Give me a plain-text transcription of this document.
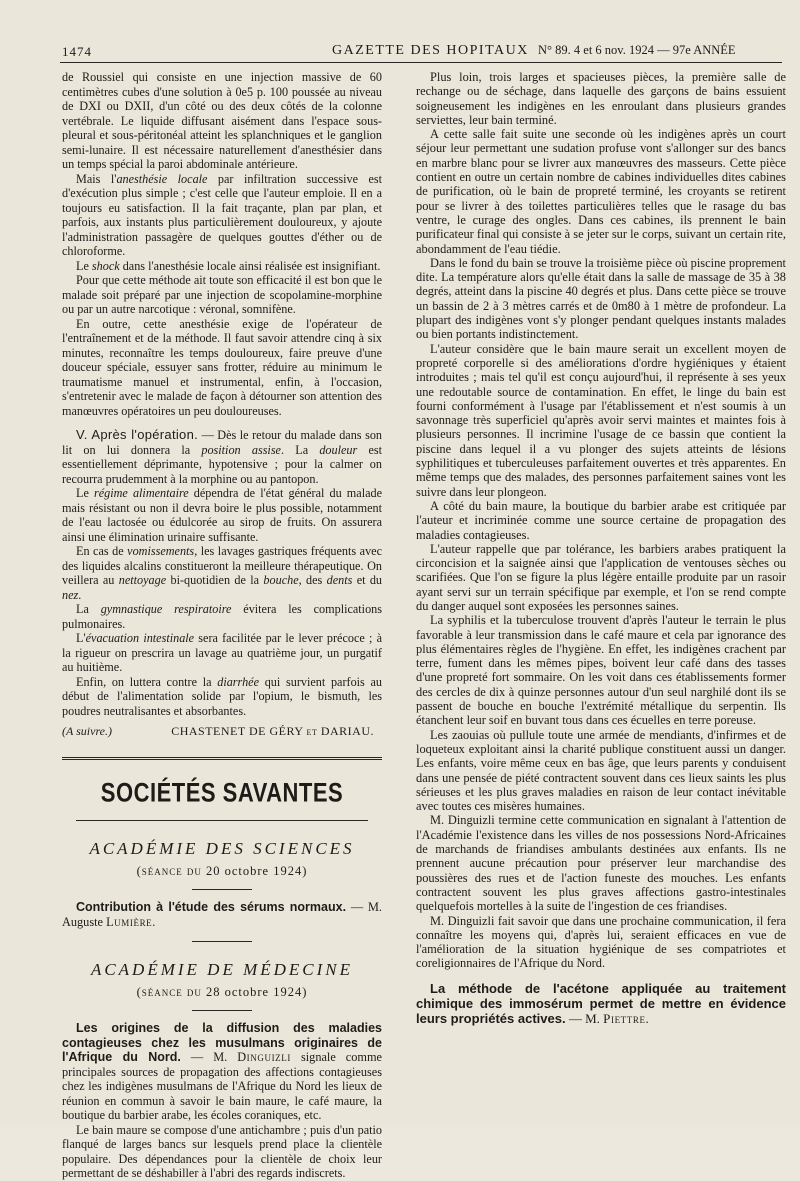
1474	GAZETTE DES HOPITAUX N° 89. 4 et 6 nov. 1924 — 97e ANNÉE

de Roussiel qui consiste en une injection massive de 60 centimètres cubes d'une solution à 0e5 p. 100 poussée au niveau de DXI ou DXII, d'un côté ou des deux côtés de la colonne vertébrale. Le liquide diffusant aisément dans l'espace sous-pleural et sous-péritonéal atteint les splanchniques et le ganglion semi-lunaire. Il est nécessaire naturellement d'anesthésier dans un temps spécial la paroi abdominale antérieure.

Mais l'anesthésie locale par infiltration successive est d'exécution plus simple ; c'est celle que l'auteur emploie. Il en a toujours eu satisfaction. Il la fait traçante, plan par plan, et parfois, aux instants plus particulièrement douloureux, y ajoute l'administration passagère de quelques gouttes d'éther ou de chloroforme.

Le shock dans l'anesthésie locale ainsi réalisée est insignifiant.

Pour que cette méthode ait toute son efficacité il est bon que le malade soit préparé par une injection de scopolamine-morphine ou par un autre narcotique : véronal, somnifène.

En outre, cette anesthésie exige de l'opérateur de l'entraînement et de la méthode. Il faut savoir attendre cinq à six minutes, reconnaître les temps douloureux, faire preuve d'une douceur spéciale, essuyer sans frotter, réduire au minimum le traumatisme manuel et instrumental, enfin, à l'occasion, s'entretenir avec le malade de façon à détourner son attention des manœuvres opératoires un peu douloureuses.

V. Après l'opération. — Dès le retour du malade dans son lit on lui donnera la position assise. La douleur est essentiellement déprimante, hypotensive ; pour la calmer on recourra prudemment à la morphine ou au pantopon.

Le régime alimentaire dépendra de l'état général du malade mais résistant ou non il devra boire le plus possible, notamment de l'eau lactosée ou édulcorée au sirop de fruits. On assurera ainsi une élimination urinaire suffisante.

En cas de vomissements, les lavages gastriques fréquents avec des liquides alcalins constitueront la meilleure thérapeutique. On veillera au nettoyage bi-quotidien de la bouche, des dents et du nez.

La gymnastique respiratoire évitera les complications pulmonaires.

L'évacuation intestinale sera facilitée par le lever précoce ; à la rigueur on prescrira un lavage au quatrième jour, un purgatif au huitième.

Enfin, on luttera contre la diarrhée qui survient parfois au début de l'alimentation solide par l'opium, le bismuth, les poudres neutralisantes et absorbantes.

(A suivre.)	CHASTENET DE GÉRY et DARIAU.
SOCIÉTÉS SAVANTES
ACADÉMIE DES SCIENCES
(séance du 20 octobre 1924)
Contribution à l'étude des sérums normaux. — M. Auguste Lumière.
ACADÉMIE DE MÉDECINE
(séance du 28 octobre 1924)
Les origines de la diffusion des maladies contagieuses chez les musulmans originaires de l'Afrique du Nord. — M. Dinguizli signale comme principales sources de propagation des affections contagieuses chez les indigènes musulmans de l'Afrique du Nord les lieux de réunion en commun à savoir le bain maure, le café maure, la boutique du barbier arabe, les écoles coraniques, etc.

Le bain maure se compose d'une antichambre ; puis d'un patio flanqué de larges bancs sur lesquels prend place la clientèle populaire. Des dépendances pour la clientèle de choix leur permettant de se déshabiller à l'abri des regards indiscrets.

Plus loin, trois larges et spacieuses pièces, la première salle de rechange ou de séchage, dans laquelle des garçons de bains essuient soigneusement les indigènes en les enroulant dans plusieurs grandes serviettes, leur bain terminé.

A cette salle fait suite une seconde où les indigènes après un court séjour leur permettant une sudation profuse vont s'allonger sur des bancs en marbre blanc pour se livrer aux manœuvres des masseurs. Cette pièce contient en outre un certain nombre de cabines individuelles dites cabines de purification, où le bain de propreté terminé, les croyants se retirent pour se livrer à des toilettes particulières telles que le rasage du bas ventre, le curage des ongles. Dans ces cabines, ils prennent le bain purificateur final qui consiste à se jeter sur le corps, suivant un certain rite, abondamment de l'eau tiédie.

Dans le fond du bain se trouve la troisième pièce où piscine proprement dite. La température alors qu'elle était dans la salle de massage de 35 à 38 degrés, atteint dans la piscine 40 degrés et plus. Dans cette pièce se trouve un bassin de 2 à 3 mètres carrés et de 0m80 à 1 mètre de profondeur. La plupart des indigènes vont s'y plonger pendant quelques instants malades ou bien portants indistinctement.

L'auteur considère que le bain maure serait un excellent moyen de propreté corporelle si des améliorations d'ordre hygiéniques y étaient introduites ; mais tel qu'il est conçu aujourd'hui, il représente à ses yeux une redoutable source de contamination. En effet, le linge du bain est fourni conformément à l'usage par l'établissement et n'est soumis à un savonnage très superficiel qu'après avoir servi maintes et maintes fois à plusieurs personnes. Il incrimine l'usage de ce bassin que contient la piscine dans lequel il a vu plonger des sujets atteints de lésions syphilitiques et tuberculeuses parfaitement ouvertes et très apparentes. En même temps que des malades, des personnes parfaitement saines vont les suivre dans leur plongeon.

A côté du bain maure, la boutique du barbier arabe est critiquée par l'auteur et incriminée comme une source certaine de propagation des maladies contagieuses.

L'auteur rappelle que par tolérance, les barbiers arabes pratiquent la circoncision et la saignée ainsi que l'application de ventouses sèches ou scarifiées. Que l'on se figure la plus légère entaille produite par un rasoir ayant servi sur un terrain spécifique par exemple, et l'on se rend compte du danger auquel sont exposées les personnes saines.

La syphilis et la tuberculose trouvent d'après l'auteur le terrain le plus favorable à leur transmission dans le café maure et cela par ignorance des plus élémentaires règles de l'hygiène. En effet, les indigènes crachent par terre, fument dans les mêmes pipes, boivent leur café dans des tasses d'une propreté fort sommaire. On les voit dans ces établissements former des cercles de dix à quinze personnes autour d'un seul narghilé dont ils se passent de bouche en bouche l'extrémité métallique du serpentin. Ils étanchent leur soif en buvant tous dans ces écuelles en terre poreuse.

Les zaouias où pullule toute une armée de mendiants, d'infirmes et de loqueteux exploitant ainsi la charité publique constituent aussi un danger. Les enfants, voire même ceux en bas âge, que leurs parents y conduisent dans une pensée de piété contractent souvent dans ces lieux saints les plus sérieuses et les plus graves maladies en raison de leur contact inévitable avec toutes ces misères humaines.

M. Dinguizli termine cette communication en signalant à l'attention de l'Académie l'existence dans les villes de nos possessions Nord-Africaines de marchands de friandises ambulants destinées aux enfants. Ils ne prennent aucune précaution pour préserver leur marchandise des poussières des rues et de l'action funeste des mouches. Les enfants contractent souvent les plus graves affections gastro-intestinales quelquefois mortelles à la suite de l'ingestion de ces friandises.

M. Dinguizli fait savoir que dans une prochaine communication, il fera connaître les moyens qui, d'après lui, seraient efficaces en vue de l'amélioration de la situation hygiénique de ses compatriotes et coreligionnaires de l'Afrique du Nord.

La méthode de l'acétone appliquée au traitement chimique des immosérum permet de mettre en évidence leurs propriétés actives. — M. Piettre.
